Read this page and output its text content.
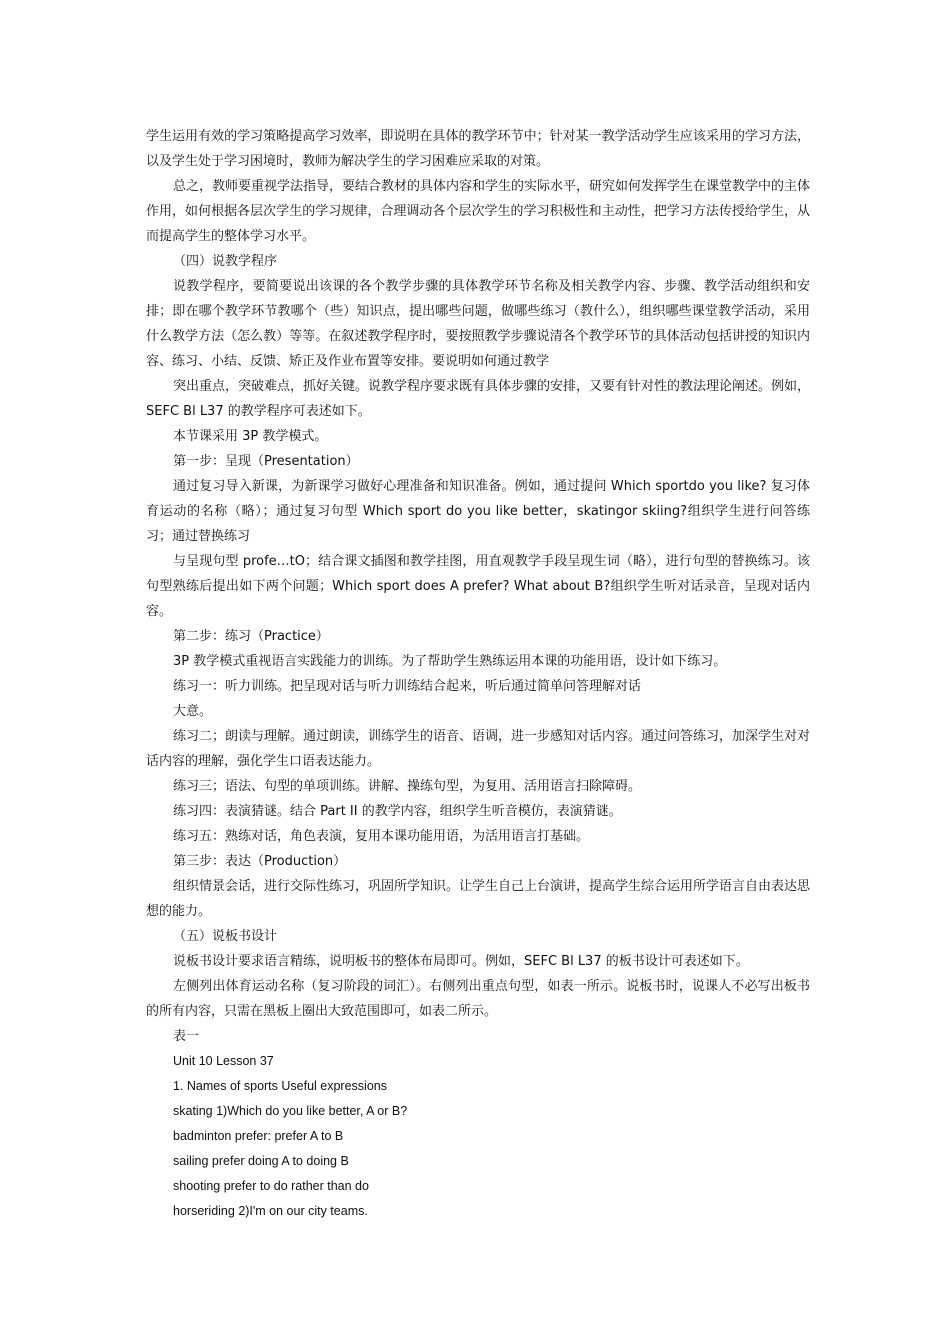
学生运用有效的学习策略提高学习效率，即说明在具体的教学环节中；针对某一教学活动学生应该采用的学习方法，以及学生处于学习困境时，教师为解决学生的学习困难应采取的对策。

总之，教师要重视学法指导，要结合教材的具体内容和学生的实际水平，研究如何发挥学生在课堂教学中的主体作用，如何根据各层次学生的学习规律，合理调动各个层次学生的学习积极性和主动性，把学习方法传授给学生，从而提高学生的整体学习水平。

（四）说教学程序

说教学程序，要简要说出该课的各个教学步骤的具体教学环节名称及相关教学内容、步骤、教学活动组织和安排；即在哪个教学环节教哪个（些）知识点，提出哪些问题，做哪些练习（教什么），组织哪些课堂教学活动，采用什么教学方法（怎么教）等等。在叙述教学程序时，要按照教学步骤说清各个教学环节的具体活动包括讲授的知识内容、练习、小结、反馈、矫正及作业布置等安排。要说明如何通过教学

突出重点，突破难点，抓好关键。说教学程序要求既有具体步骤的安排，又要有针对性的教法理论阐述。例如，SEFC Bl L37 的教学程序可表述如下。

本节课采用 3P 教学模式。

第一步：呈现（Presentation）

通过复习导入新课，为新课学习做好心理准备和知识准备。例如，通过提问 Which sportdo you like? 复习体育运动的名称（略）；通过复习句型 Which sport do you like better，skatingor skiing?组织学生进行问答练习；通过替换练习

与呈现句型 profe…tO；结合课文插图和教学挂图，用直观教学手段呈现生词（略），进行句型的替换练习。该句型熟练后提出如下两个问题；Which sport does A prefer? What about B?组织学生听对话录音，呈现对话内容。

第二步：练习（Practice）

3P 教学模式重视语言实践能力的训练。为了帮助学生熟练运用本课的功能用语，设计如下练习。

练习一：听力训练。把呈现对话与听力训练结合起来，听后通过简单问答理解对话

大意。

练习二；朗读与理解。通过朗读，训练学生的语音、语调，进一步感知对话内容。通过问答练习，加深学生对对话内容的理解，强化学生口语表达能力。

练习三；语法、句型的单项训练。讲解、操练句型，为复用、活用语言扫除障碍。

练习四：表演猜谜。结合 Part II 的教学内容，组织学生听音模仿，表演猜谜。

练习五：熟练对话，角色表演，复用本课功能用语，为活用语言打基础。

第三步：表达（Production）

组织情景会话，进行交际性练习，巩固所学知识。让学生自己上台演讲，提高学生综合运用所学语言自由表达思想的能力。

（五）说板书设计

说板书设计要求语言精练，说明板书的整体布局即可。例如，SEFC Bl L37 的板书设计可表述如下。

左侧列出体育运动名称（复习阶段的词汇）。右侧列出重点句型，如表一所示。说板书时，说课人不必写出板书的所有内容，只需在黑板上圈出大致范围即可，如表二所示。

表一

Unit 10 Lesson 37

1. Names of sports Useful expressions

skating 1)Which do you like better, A or B?

badminton prefer: prefer A to B

sailing prefer doing A to doing B

shooting prefer to do rather than do

horseriding 2)I'm on our city teams.
